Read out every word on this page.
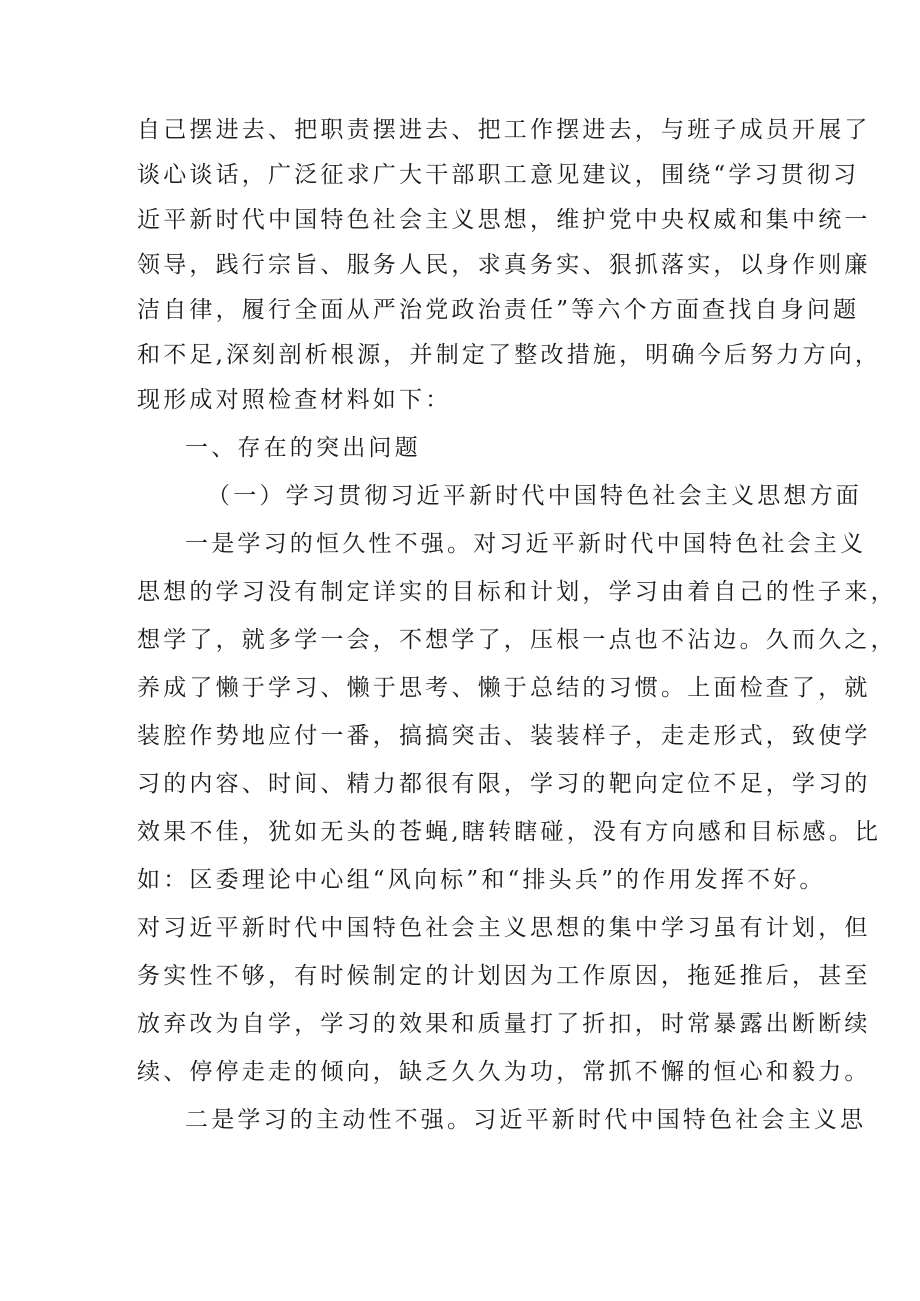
自己摆进去、把职责摆进去、把工作摆进去，与班子成员开展了
谈心谈话，广泛征求广大干部职工意见建议，围绕“学习贯彻习
近平新时代中国特色社会主义思想，维护党中央权威和集中统一
领导，践行宗旨、服务人民，求真务实、狠抓落实，以身作则廉
洁自律，履行全面从严治党政治责任”等六个方面查找自身问题
和不足,深刻剖析根源，并制定了整改措施，明确今后努力方向，
现形成对照检查材料如下：
一、存在的突出问题
（一）学习贯彻习近平新时代中国特色社会主义思想方面
一是学习的恒久性不强。对习近平新时代中国特色社会主义
思想的学习没有制定详实的目标和计划，学习由着自己的性子来，
想学了，就多学一会，不想学了，压根一点也不沾边。久而久之，
养成了懒于学习、懒于思考、懒于总结的习惯。上面检查了，就
装腔作势地应付一番，搞搞突击、装装样子，走走形式，致使学
习的内容、时间、精力都很有限，学习的靶向定位不足，学习的
效果不佳，犹如无头的苍蝇,瞎转瞎碰，没有方向感和目标感。比
如：区委理论中心组“风向标”和“排头兵”的作用发挥不好。
对习近平新时代中国特色社会主义思想的集中学习虽有计划，但
务实性不够，有时候制定的计划因为工作原因，拖延推后，甚至
放弃改为自学，学习的效果和质量打了折扣，时常暴露出断断续
续、停停走走的倾向，缺乏久久为功，常抓不懈的恒心和毅力。
二是学习的主动性不强。习近平新时代中国特色社会主义思
